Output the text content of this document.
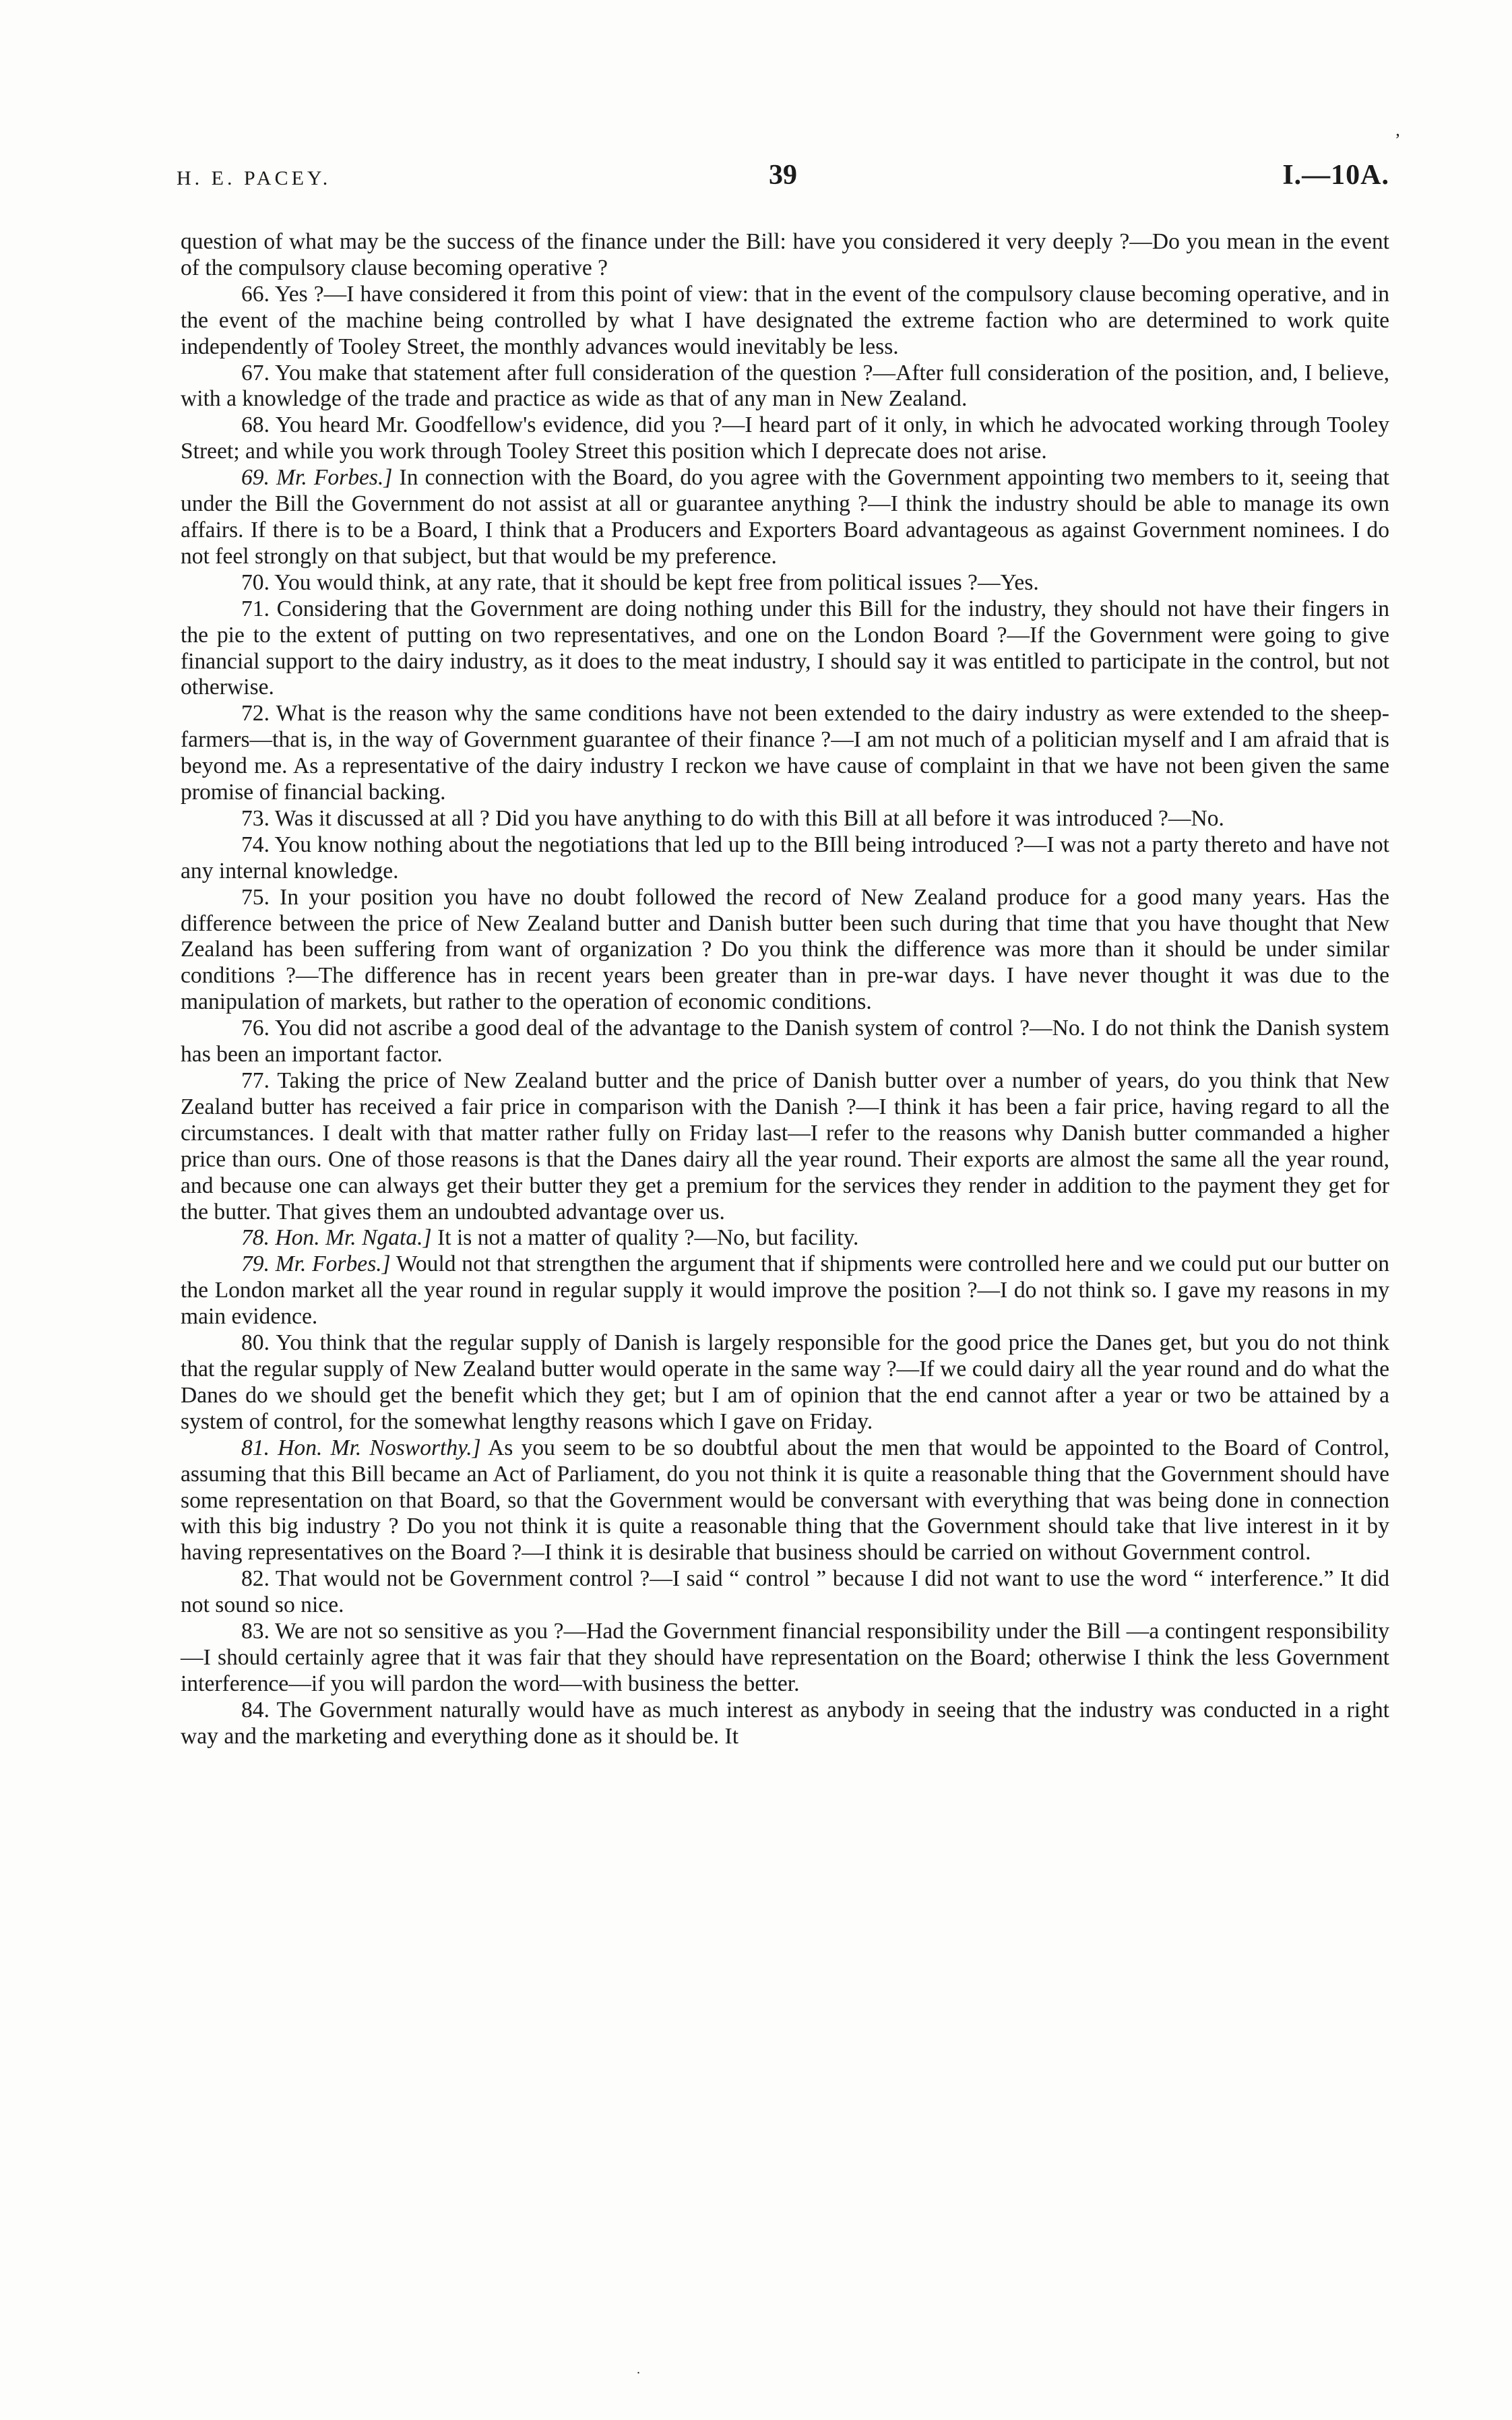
‚
H. E. PACEY.	39	I.—10A.

question of what may be the success of the finance under the Bill: have you considered it very deeply ?—Do you mean in the event of the compulsory clause becoming operative ?

66. Yes ?—I have considered it from this point of view: that in the event of the compulsory clause becoming operative, and in the event of the machine being controlled by what I have designated the extreme faction who are determined to work quite independently of Tooley Street, the monthly advances would inevitably be less.

67. You make that statement after full consideration of the question ?—After full consideration of the position, and, I believe, with a knowledge of the trade and practice as wide as that of any man in New Zealand.

68. You heard Mr. Goodfellow's evidence, did you ?—I heard part of it only, in which he advocated working through Tooley Street; and while you work through Tooley Street this position which I deprecate does not arise.

69. Mr. Forbes.] In connection with the Board, do you agree with the Government appointing two members to it, seeing that under the Bill the Government do not assist at all or guarantee anything ?—I think the industry should be able to manage its own affairs. If there is to be a Board, I think that a Producers and Exporters Board advantageous as against Government nominees. I do not feel strongly on that subject, but that would be my preference.

70. You would think, at any rate, that it should be kept free from political issues ?—Yes.

71. Considering that the Government are doing nothing under this Bill for the industry, they should not have their fingers in the pie to the extent of putting on two representatives, and one on the London Board ?—If the Government were going to give financial support to the dairy industry, as it does to the meat industry, I should say it was entitled to participate in the control, but not otherwise.

72. What is the reason why the same conditions have not been extended to the dairy industry as were extended to the sheep-farmers—that is, in the way of Government guarantee of their finance ?—I am not much of a politician myself and I am afraid that is beyond me. As a representative of the dairy industry I reckon we have cause of complaint in that we have not been given the same promise of financial backing.

73. Was it discussed at all ? Did you have anything to do with this Bill at all before it was introduced ?—No.

74. You know nothing about the negotiations that led up to the BIll being introduced ?—I was not a party thereto and have not any internal knowledge.

75. In your position you have no doubt followed the record of New Zealand produce for a good many years. Has the difference between the price of New Zealand butter and Danish butter been such during that time that you have thought that New Zealand has been suffering from want of organization ? Do you think the difference was more than it should be under similar conditions ?—The difference has in recent years been greater than in pre-war days. I have never thought it was due to the manipulation of markets, but rather to the operation of economic conditions.

76. You did not ascribe a good deal of the advantage to the Danish system of control ?—No. I do not think the Danish system has been an important factor.

77. Taking the price of New Zealand butter and the price of Danish butter over a number of years, do you think that New Zealand butter has received a fair price in comparison with the Danish ?—I think it has been a fair price, having regard to all the circumstances. I dealt with that matter rather fully on Friday last—I refer to the reasons why Danish butter commanded a higher price than ours. One of those reasons is that the Danes dairy all the year round. Their exports are almost the same all the year round, and because one can always get their butter they get a premium for the services they render in addition to the payment they get for the butter. That gives them an undoubted advantage over us.

78. Hon. Mr. Ngata.] It is not a matter of quality ?—No, but facility.

79. Mr. Forbes.] Would not that strengthen the argument that if shipments were controlled here and we could put our butter on the London market all the year round in regular supply it would improve the position ?—I do not think so. I gave my reasons in my main evidence.

80. You think that the regular supply of Danish is largely responsible for the good price the Danes get, but you do not think that the regular supply of New Zealand butter would operate in the same way ?—If we could dairy all the year round and do what the Danes do we should get the benefit which they get; but I am of opinion that the end cannot after a year or two be attained by a system of control, for the somewhat lengthy reasons which I gave on Friday.

81. Hon. Mr. Nosworthy.] As you seem to be so doubtful about the men that would be appointed to the Board of Control, assuming that this Bill became an Act of Parliament, do you not think it is quite a reasonable thing that the Government should have some representation on that Board, so that the Government would be conversant with everything that was being done in connection with this big industry ? Do you not think it is quite a reasonable thing that the Government should take that live interest in it by having representatives on the Board ?—I think it is desirable that business should be carried on without Government control.

82. That would not be Government control ?—I said “ control ” because I did not want to use the word “ interference.” It did not sound so nice.

83. We are not so sensitive as you ?—Had the Government financial responsibility under the Bill —a contingent responsibility—I should certainly agree that it was fair that they should have representation on the Board; otherwise I think the less Government interference—if you will pardon the word—with business the better.

84. The Government naturally would have as much interest as anybody in seeing that the industry was conducted in a right way and the marketing and everything done as it should be. It

.
